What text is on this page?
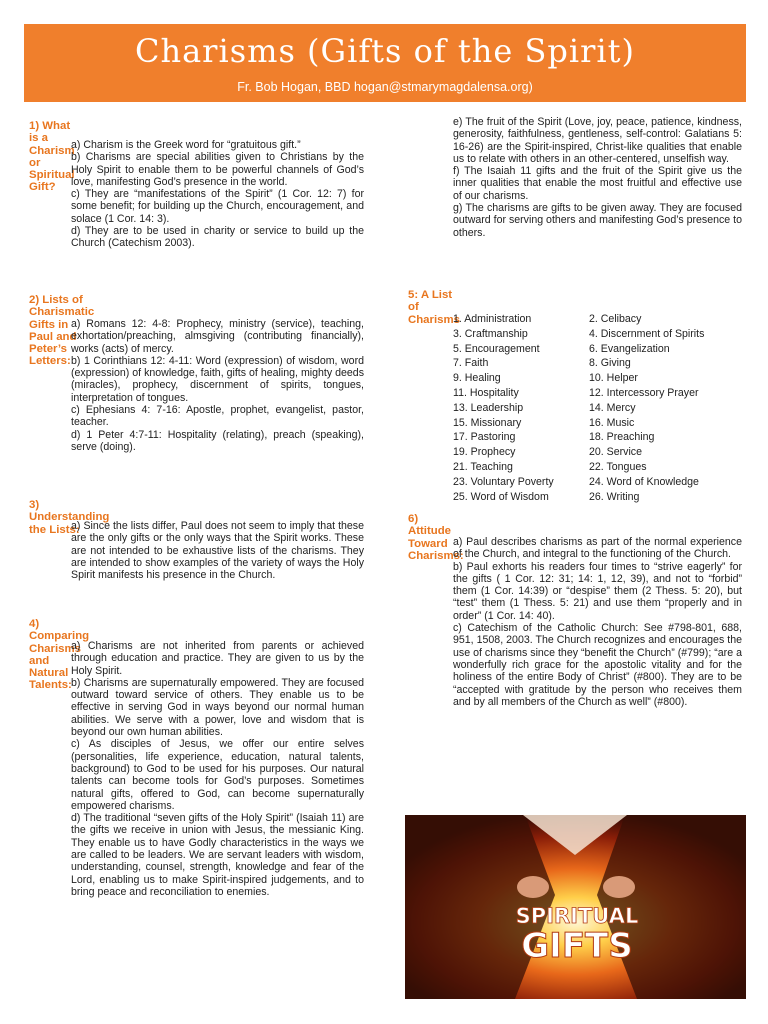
Charisms (Gifts of the Spirit)
Fr. Bob Hogan, BBD hogan@stmarymagdalensa.org)

1) What is a Charism or Spiritual Gift?

a) Charism is the Greek word for “gratuitous gift.”

b) Charisms are special abilities given to Christians by the Holy Spirit to enable them to be powerful channels of God’s love, manifesting God’s presence in the world.

c) They are “manifestations of the Spirit” (1 Cor. 12: 7) for some benefit; for building up the Church, encouragement, and solace (1 Cor. 14: 3).

d) They are to be used in charity or service to build up the Church (Catechism 2003).

2) Lists of Charismatic Gifts in Paul and Peter’s Letters:

a) Romans 12: 4-8: Prophecy, ministry (service), teaching, exhortation/preaching, almsgiving (contributing financially), works (acts) of mercy.

b) 1 Corinthians 12: 4-11: Word (expression) of wisdom, word (expression) of knowledge, faith, gifts of healing, mighty deeds (miracles), prophecy, discernment of spirits, tongues, interpretation of tongues.

c) Ephesians 4: 7-16: Apostle, prophet, evangelist, pastor, teacher.

d) 1 Peter 4:7-11: Hospitality (relating), preach (speaking), serve (doing).

3) Understanding the Lists:

a) Since the lists differ, Paul does not seem to imply that these are the only gifts or the only ways that the Spirit works. These are not intended to be exhaustive lists of the charisms. They are intended to show examples of the variety of ways the Holy Spirit manifests his presence in the Church.

4) Comparing Charisms and Natural Talents:

a) Charisms are not inherited from parents or achieved through education and practice. They are given to us by the Holy Spirit.

b) Charisms are supernaturally empowered. They are focused outward toward service of others. They enable us to be effective in serving God in ways beyond our normal human abilities. We serve with a power, love and wisdom that is beyond our own human abilities.

c) As disciples of Jesus, we offer our entire selves (personalities, life experience, education, natural talents, background) to God to be used for his purposes. Our natural talents can become tools for God’s purposes. Sometimes natural gifts, offered to God, can become supernaturally empowered charisms.

d) The traditional “seven gifts of the Holy Spirit” (Isaiah 11) are the gifts we receive in union with Jesus, the messianic King. They enable us to have Godly characteristics in the ways we are called to be leaders. We are servant leaders with wisdom, understanding, counsel, strength, knowledge and fear of the Lord, enabling us to make Spirit-inspired judgements, and to bring peace and reconciliation to enemies.

e) The fruit of the Spirit (Love, joy, peace, patience, kindness, generosity, faithfulness, gentleness, self-control: Galatians 5: 16-26) are the Spirit-inspired, Christ-like qualities that enable us to relate with others in an other-centered, unselfish way.

f) The Isaiah 11 gifts and the fruit of the Spirit give us the inner qualities that enable the most fruitful and effective use of our charisms.

g) The charisms are gifts to be given away. They are focused outward for serving others and manifesting God’s presence to others.

5: A List of Charisms

1. Administration	2. Celibacy
3. Craftmanship	4. Discernment of Spirits
5. Encouragement	6. Evangelization
7. Faith	8. Giving
9. Healing	10. Helper
11. Hospitality	12. Intercessory Prayer
13. Leadership	14. Mercy
15. Missionary	16. Music
17. Pastoring	18. Preaching
19. Prophecy	20. Service
21. Teaching	22. Tongues
23. Voluntary Poverty	24. Word of Knowledge
25. Word of Wisdom	26. Writing

6) Attitude Toward Charisms:

a) Paul describes charisms as part of the normal experience of the Church, and integral to the functioning of the Church.

b) Paul exhorts his readers four times to “strive eagerly” for the gifts ( 1 Cor. 12: 31; 14: 1, 12, 39), and not to “forbid” them (1 Cor. 14:39) or “despise” them (2 Thess. 5: 20), but “test” them (1 Thess. 5: 21) and use them “properly and in order” (1 Cor. 14: 40).

c) Catechism of the Catholic Church: See #798-801, 688, 951, 1508, 2003. The Church recognizes and encourages the use of charisms since they “benefit the Church” (#799); “are a wonderfully rich grace for the apostolic vitality and for the holiness of the entire Body of Christ” (#800). They are to be “accepted with gratitude by the person who receives them and by all members of the Church as well” (#800).

SPIRITUAL
GIFTS
